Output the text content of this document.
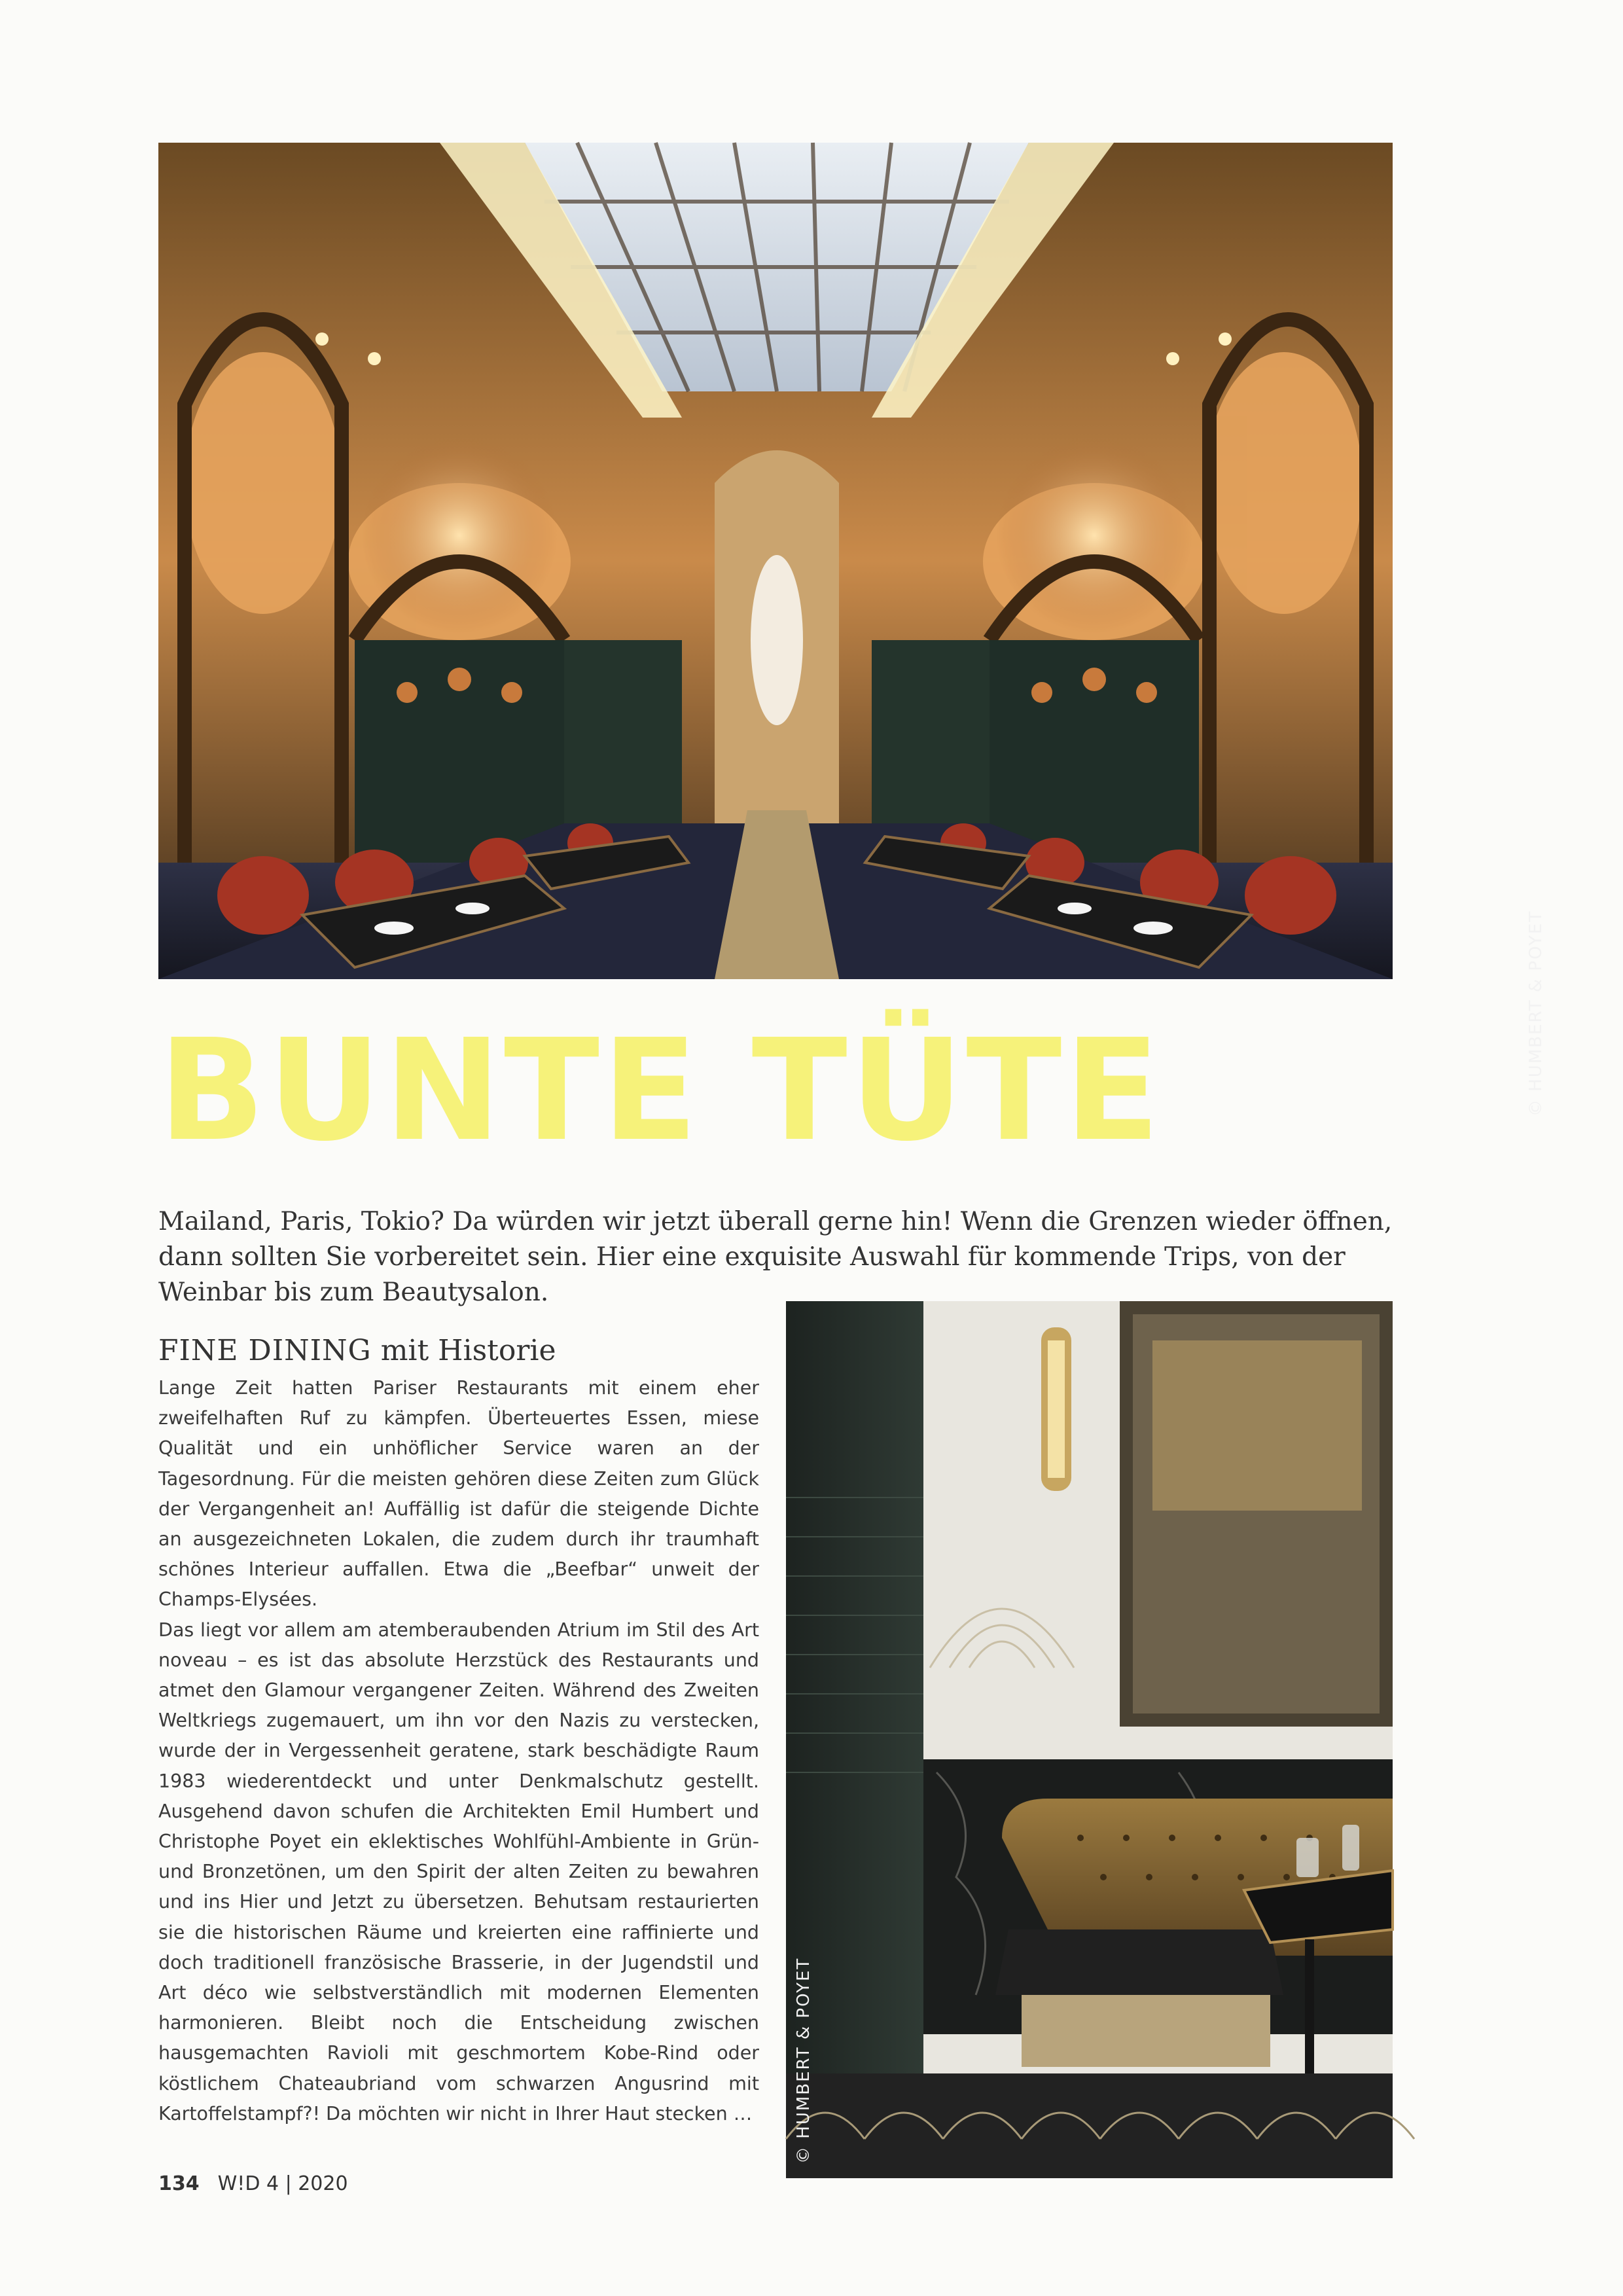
© HUMBERT & POYET
BUNTE TÜTE

Mailand, Paris, Tokio? Da würden wir jetzt überall gerne hin! Wenn die Grenzen wieder öffnen, dann sollten Sie vorbereitet sein. Hier eine exquisite Auswahl für kommende Trips, von der Weinbar bis zum Beautysalon.

FINE DINING mit Historie

Lange Zeit hatten Pariser Restaurants mit einem eher zweifelhaften Ruf zu kämpfen. Überteuertes Essen, miese Qualität und ein unhöflicher Service waren an der Tagesordnung. Für die meisten gehören diese Zeiten zum Glück der Vergangenheit an! Auffällig ist dafür die steigende Dichte an ausgezeichneten Lokalen, die zudem durch ihr traumhaft schönes Interieur auffallen. Etwa die „Beefbar“ unweit der Champs-Elysées.

Das liegt vor allem am atemberaubenden Atrium im Stil des Art noveau – es ist das absolute Herzstück des Restaurants und atmet den Glamour vergangener Zeiten. Während des Zweiten Weltkriegs zugemauert, um ihn vor den Nazis zu verstecken, wurde der in Vergessenheit geratene, stark beschädigte Raum 1983 wiederentdeckt und unter Denkmalschutz gestellt. Ausgehend davon schufen die Architekten Emil Humbert und Christophe Poyet ein eklektisches Wohlfühl-Ambiente in Grün- und Bronzetönen, um den Spirit der alten Zeiten zu bewahren und ins Hier und Jetzt zu übersetzen. Behutsam restaurierten sie die historischen Räume und kreierten eine raffinierte und doch traditionell französische Brasserie, in der Jugendstil und Art déco wie selbstverständlich mit modernen Elementen harmonieren. Bleibt noch die Entscheidung zwischen hausgemachten Ravioli mit geschmortem Kobe-Rind oder köstlichem Chateaubriand vom schwarzen Angusrind mit Kartoffelstampf?! Da möchten wir nicht in Ihrer Haut stecken …	© HUMBERT & POYET
134 W!D 4 | 2020
